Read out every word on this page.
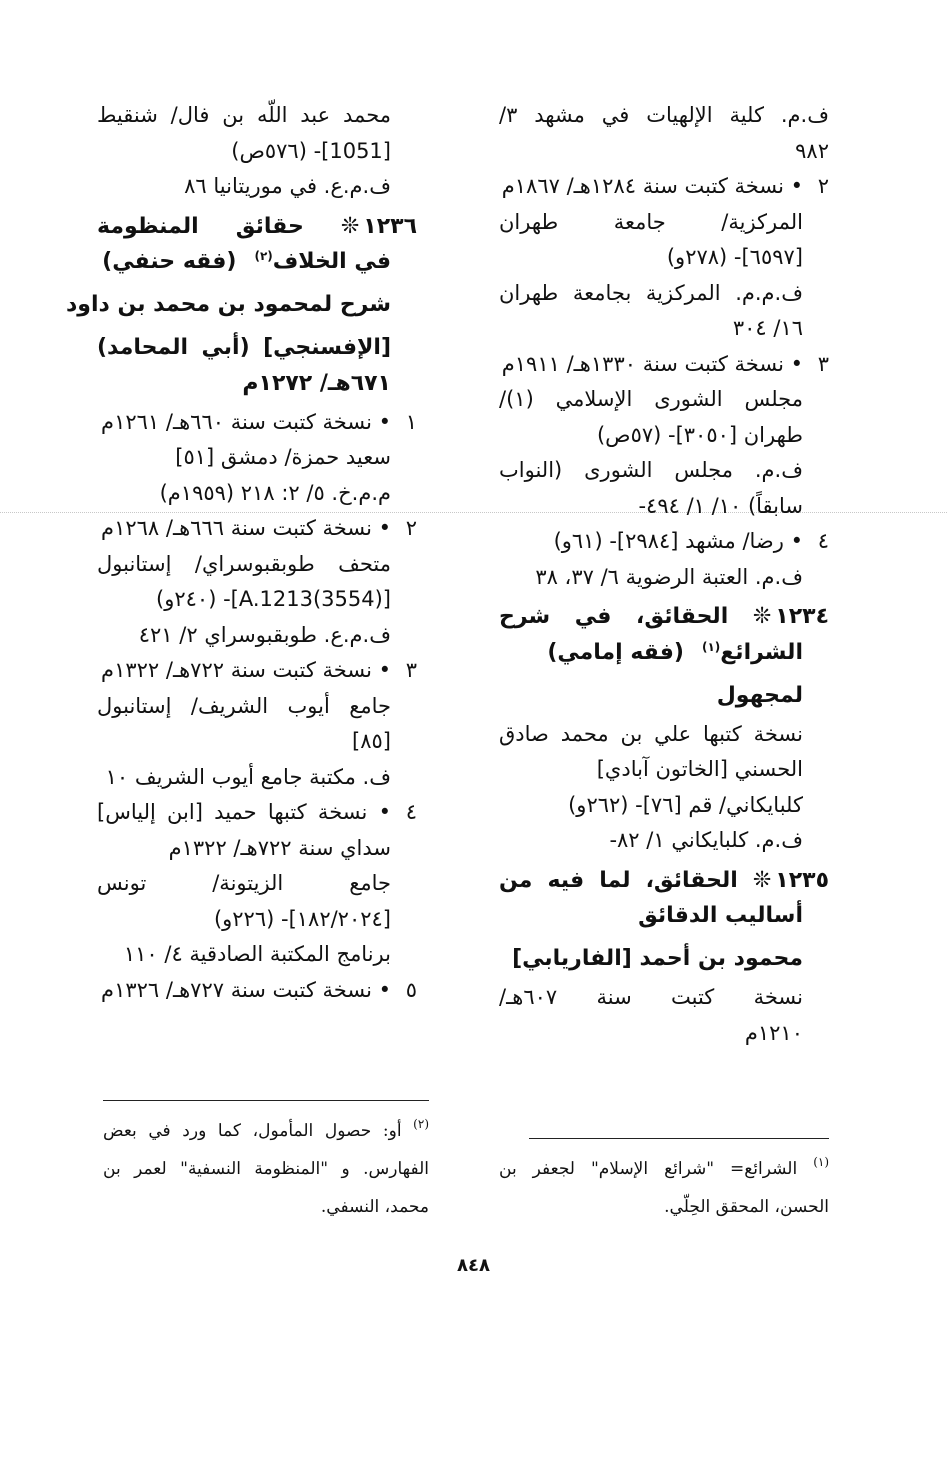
ف.م. كلية الإلهيات في مشهد ٣/
٩٨٢
٢• نسخة كتبت سنة ١٢٨٤هـ/ ١٨٦٧م
المركزية/ جامعة طهران
[٦٥٩٧]- (٢٧٨و)
ف.م.م. المركزية بجامعة طهران
١٦/ ٣٠٤
٣• نسخة كتبت سنة ١٣٣٠هـ/ ١٩١١م
مجلس الشورى الإسلامي (١)/
طهران [٣٠٥٠]- (٥٧ص)
ف.م. مجلس الشورى (النواب
سابقاً) ١٠/ ١/ ٤٩٤-
٤• رضا/ مشهد [٢٩٨٤]- (٦١و)
ف.م. العتبة الرضوية ٦/ ٣٧، ٣٨
١٢٣٤❊ الحقائق، في شرح
الشرائع$^{(١)}$(فقه إمامي)
لمجهول
نسخة كتبها علي بن محمد صادق
الحسني [الخاتون آبادي]
كلبايكاني/ قم [٧٦]- (٢٦٢و)
ف.م. كلبايكاني ١/ ٨٢-
١٢٣٥❊ الحقائق، لما فيه من
أساليب الدقائق
محمود بن أحمد [الفاريابي]
نسخة كتبت سنة ٦٠٧هـ/
١٢١٠م
محمد عبد اللّه بن فال/ شنقيط
[1051]- (٥٧٦ص)
ف.م.ع. في موريتانيا ٨٦
١٢٣٦❊ حقائق المنظومة
في الخلاف$^{(٢)}$(فقه حنفي)
شرح لمحمود بن محمد بن داود
[الإفسنجي] (أبي المحامد)
٦٧١هـ/ ١٢٧٢م
١• نسخة كتبت سنة ٦٦٠هـ/ ١٢٦١م
سعيد حمزة/ دمشق [٥١]
م.م.خ. ٥/ ٢: ٢١٨ (١٩٥٩م)
٢• نسخة كتبت سنة ٦٦٦هـ/ ١٢٦٨م
متحف طوبقبوسراي/ إستانبول
[A.1213(3554)]- (٢٤٠و)
ف.م.ع. طوبقبوسراي ٢/ ٤٢١
٣• نسخة كتبت سنة ٧٢٢هـ/ ١٣٢٢م
جامع أيوب الشريف/ إستانبول
[٨٥]
ف. مكتبة جامع أيوب الشريف ١٠
٤• نسخة كتبها حميد [ابن إلياس]
سداي سنة ٧٢٢هـ/ ١٣٢٢م
جامع الزيتونة/ تونس
[١٨٢/٢٠٢٤]- (٢٢٦و)
برنامج المكتبة الصادقية ٤/ ١١٠
٥• نسخة كتبت سنة ٧٢٧هـ/ ١٣٢٦م
$^{(٢)}$ أو: حصول المأمول، كما ورد في بعض الفهارس. و "المنظومة النسفية" لعمر بن محمد، النسفي.
$^{(١)}$ الشرائع= "شرائع الإسلام" لجعفر بن الحسن، المحقق الحِلّي.
٨٤٨
